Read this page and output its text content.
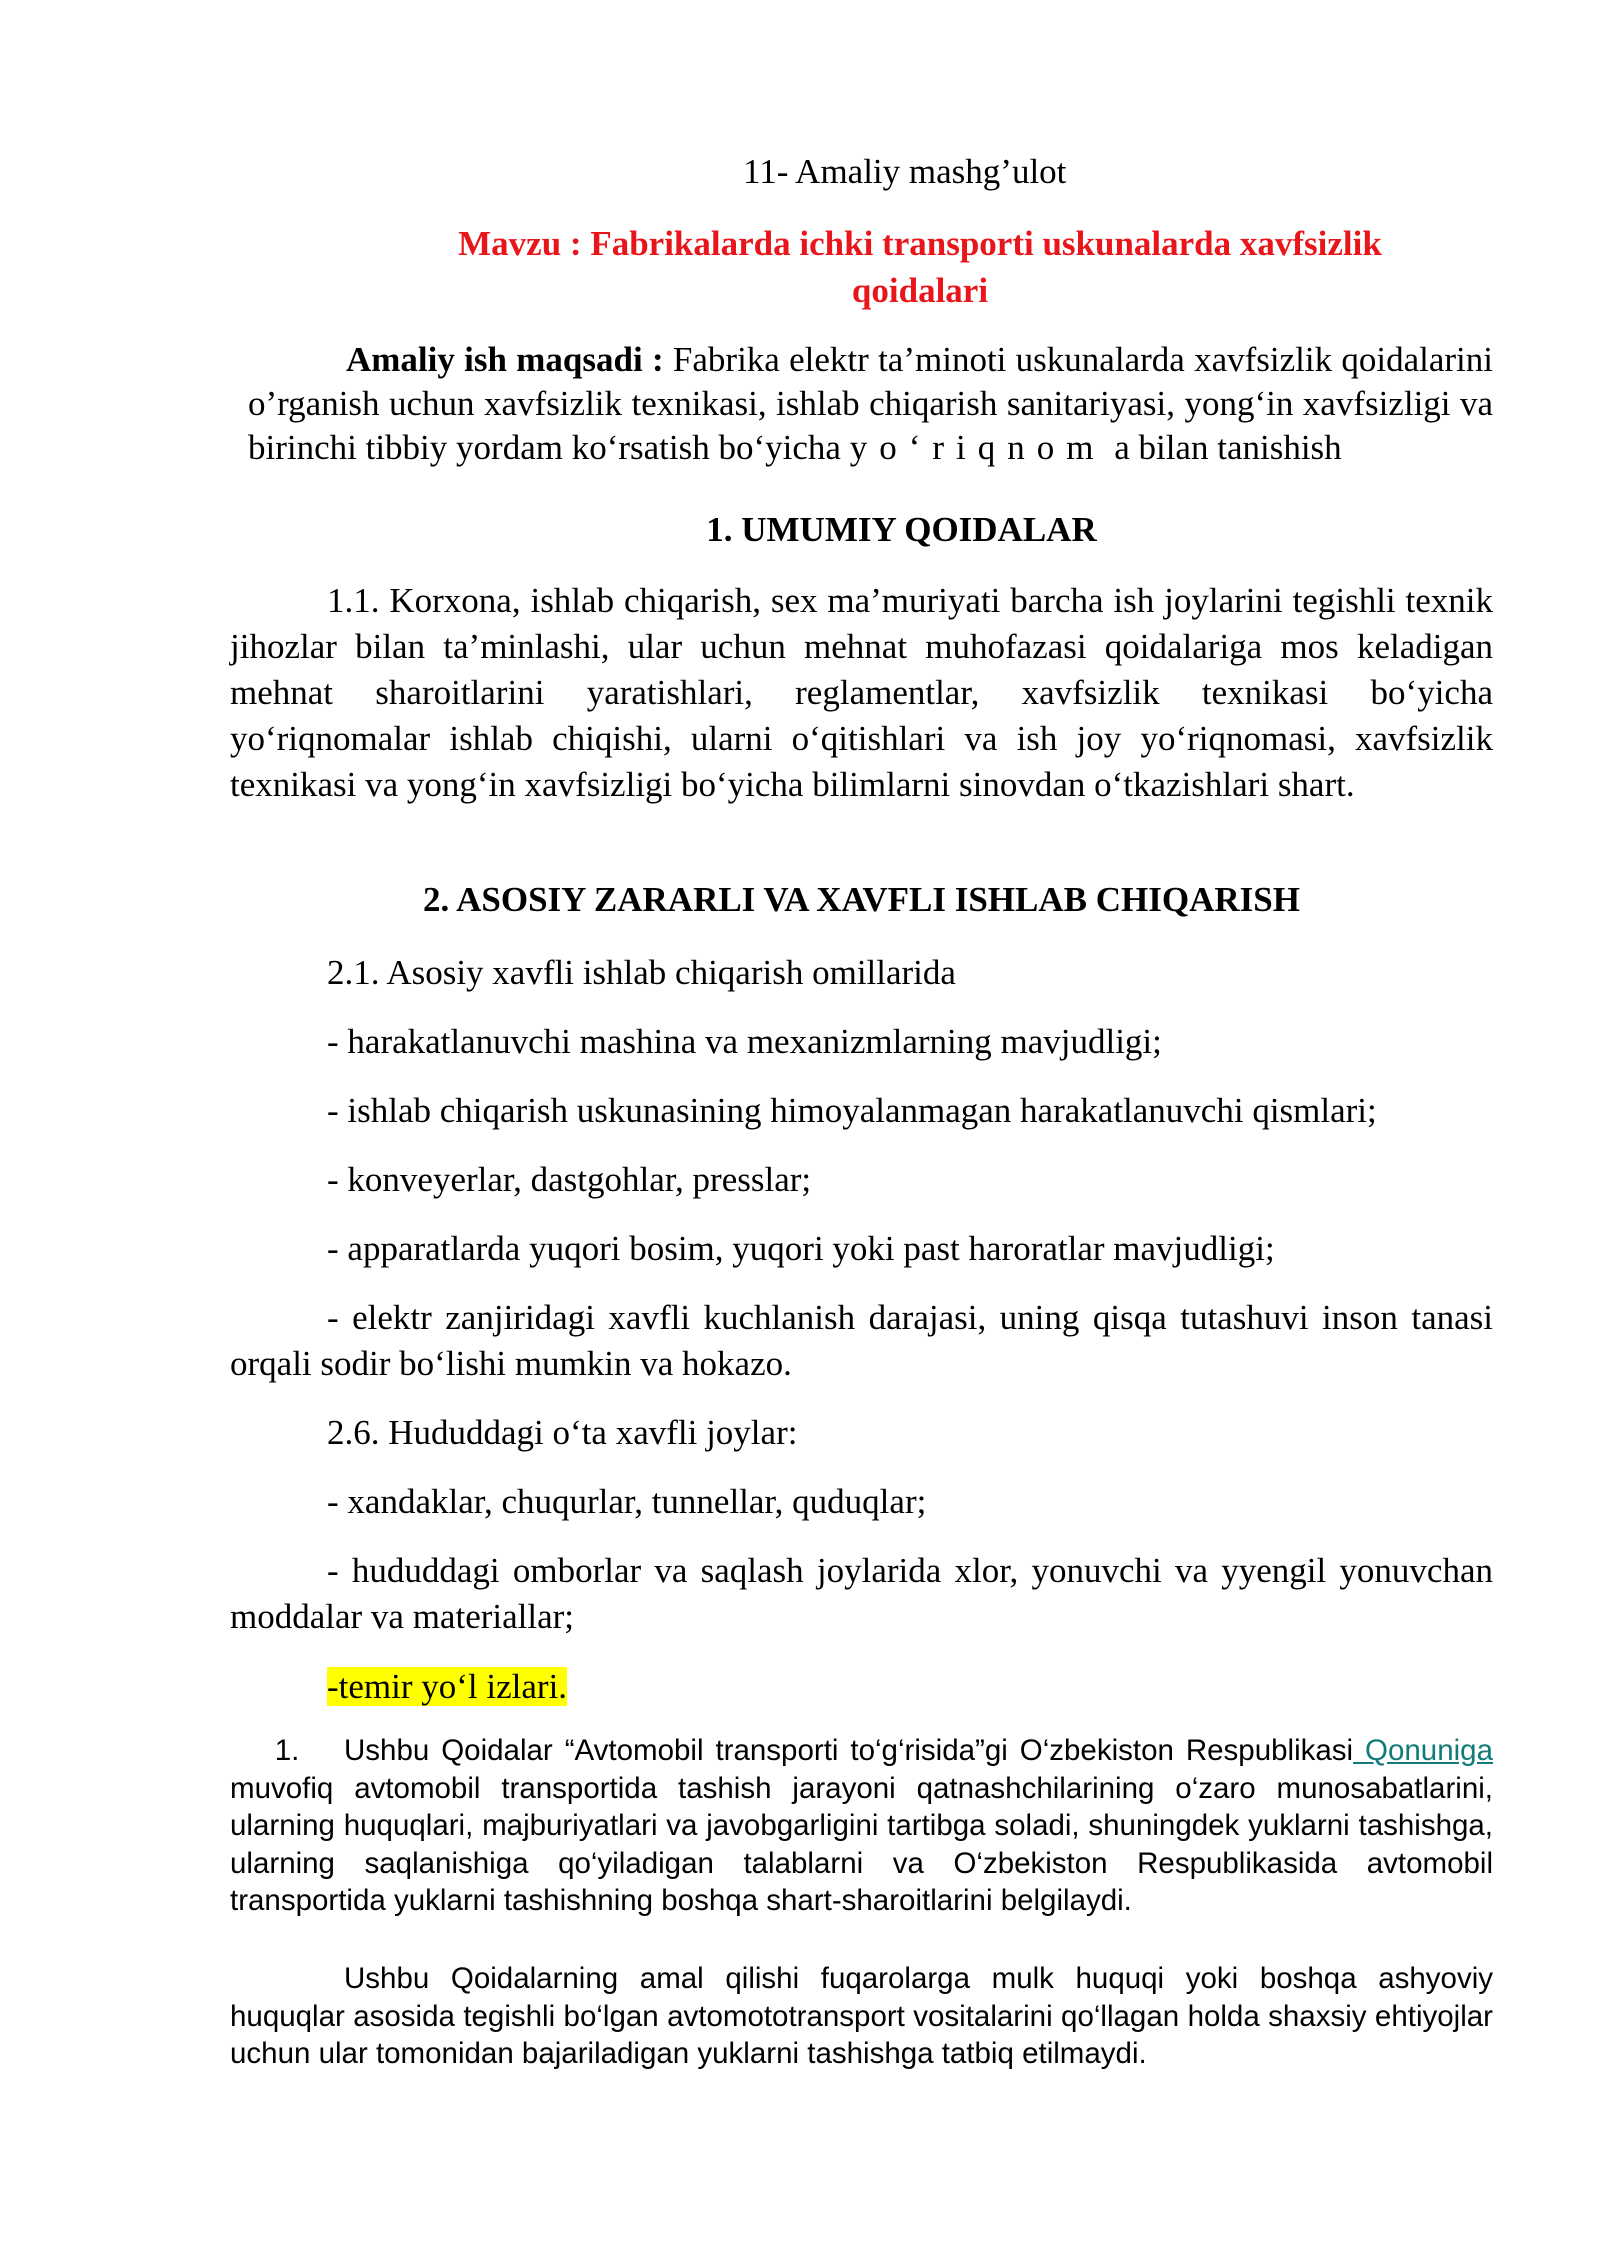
11- Amaliy mashg’ulot
Mavzu : Fabrikalarda ichki transporti uskunalarda xavfsizlik
qoidalari
Amaliy ish maqsadi : Fabrika elektr ta’minoti uskunalarda xavfsizlik qoidalarini o’rganish uchun xavfsizlik texnikasi, ishlab chiqarish sanitariyasi, yong‘in xavfsizligi va birinchi tibbiy yordam ko‘rsatish bo‘yicha yo‘riqnom a bilan tanishish
1. UMUMIY QOIDALAR
1.1. Korxona, ishlab chiqarish, sex ma’muriyati barcha ish joylarini tegishli texnik jihozlar bilan ta’minlashi, ular uchun mehnat muhofazasi qoidalariga mos keladigan mehnat sharoitlarini yaratishlari, reglamentlar, xavfsizlik texnikasi bo‘yicha yo‘riqnomalar ishlab chiqishi, ularni o‘qitishlari va ish joy yo‘riqnomasi, xavfsizlik texnikasi va yong‘in xavfsizligi bo‘yicha bilimlarni sinovdan o‘tkazishlari shart.
2. ASOSIY ZARARLI VA XAVFLI ISHLAB CHIQARISH
2.1. Asosiy xavfli ishlab chiqarish omillarida
- harakatlanuvchi mashina va mexanizmlarning mavjudligi;
- ishlab chiqarish uskunasining himoyalanmagan harakatlanuvchi qismlari;
- konveyerlar, dastgohlar, presslar;
- apparatlarda yuqori bosim, yuqori yoki past haroratlar mavjudligi;
- elektr zanjiridagi xavfli kuchlanish darajasi, uning qisqa tutashuvi inson tanasi orqali sodir bo‘lishi mumkin va hokazo.
2.6. Hududdagi o‘ta xavfli joylar:
- xandaklar, chuqurlar, tunnellar, quduqlar;
- hududdagi omborlar va saqlash joylarida xlor, yonuvchi va yyengil yonuvchan moddalar va materiallar;
-temir yo‘l izlari.
1. Ushbu Qoidalar “Avtomobil transporti to‘g‘risida”gi O‘zbekiston Respublikasi Qonuniga muvofiq avtomobil transportida tashish jarayoni qatnashchilarining o‘zaro munosabatlarini, ularning huquqlari, majburiyatlari va javobgarligini tartibga soladi, shuningdek yuklarni tashishga, ularning saqlanishiga qo‘yiladigan talablarni va O‘zbekiston Respublikasida avtomobil transportida yuklarni tashishning boshqa shart-sharoitlarini belgilaydi.
Ushbu Qoidalarning amal qilishi fuqarolarga mulk huquqi yoki boshqa ashyoviy huquqlar asosida tegishli bo‘lgan avtomototransport vositalarini qo‘llagan holda shaxsiy ehtiyojlar uchun ular tomonidan bajariladigan yuklarni tashishga tatbiq etilmaydi.
